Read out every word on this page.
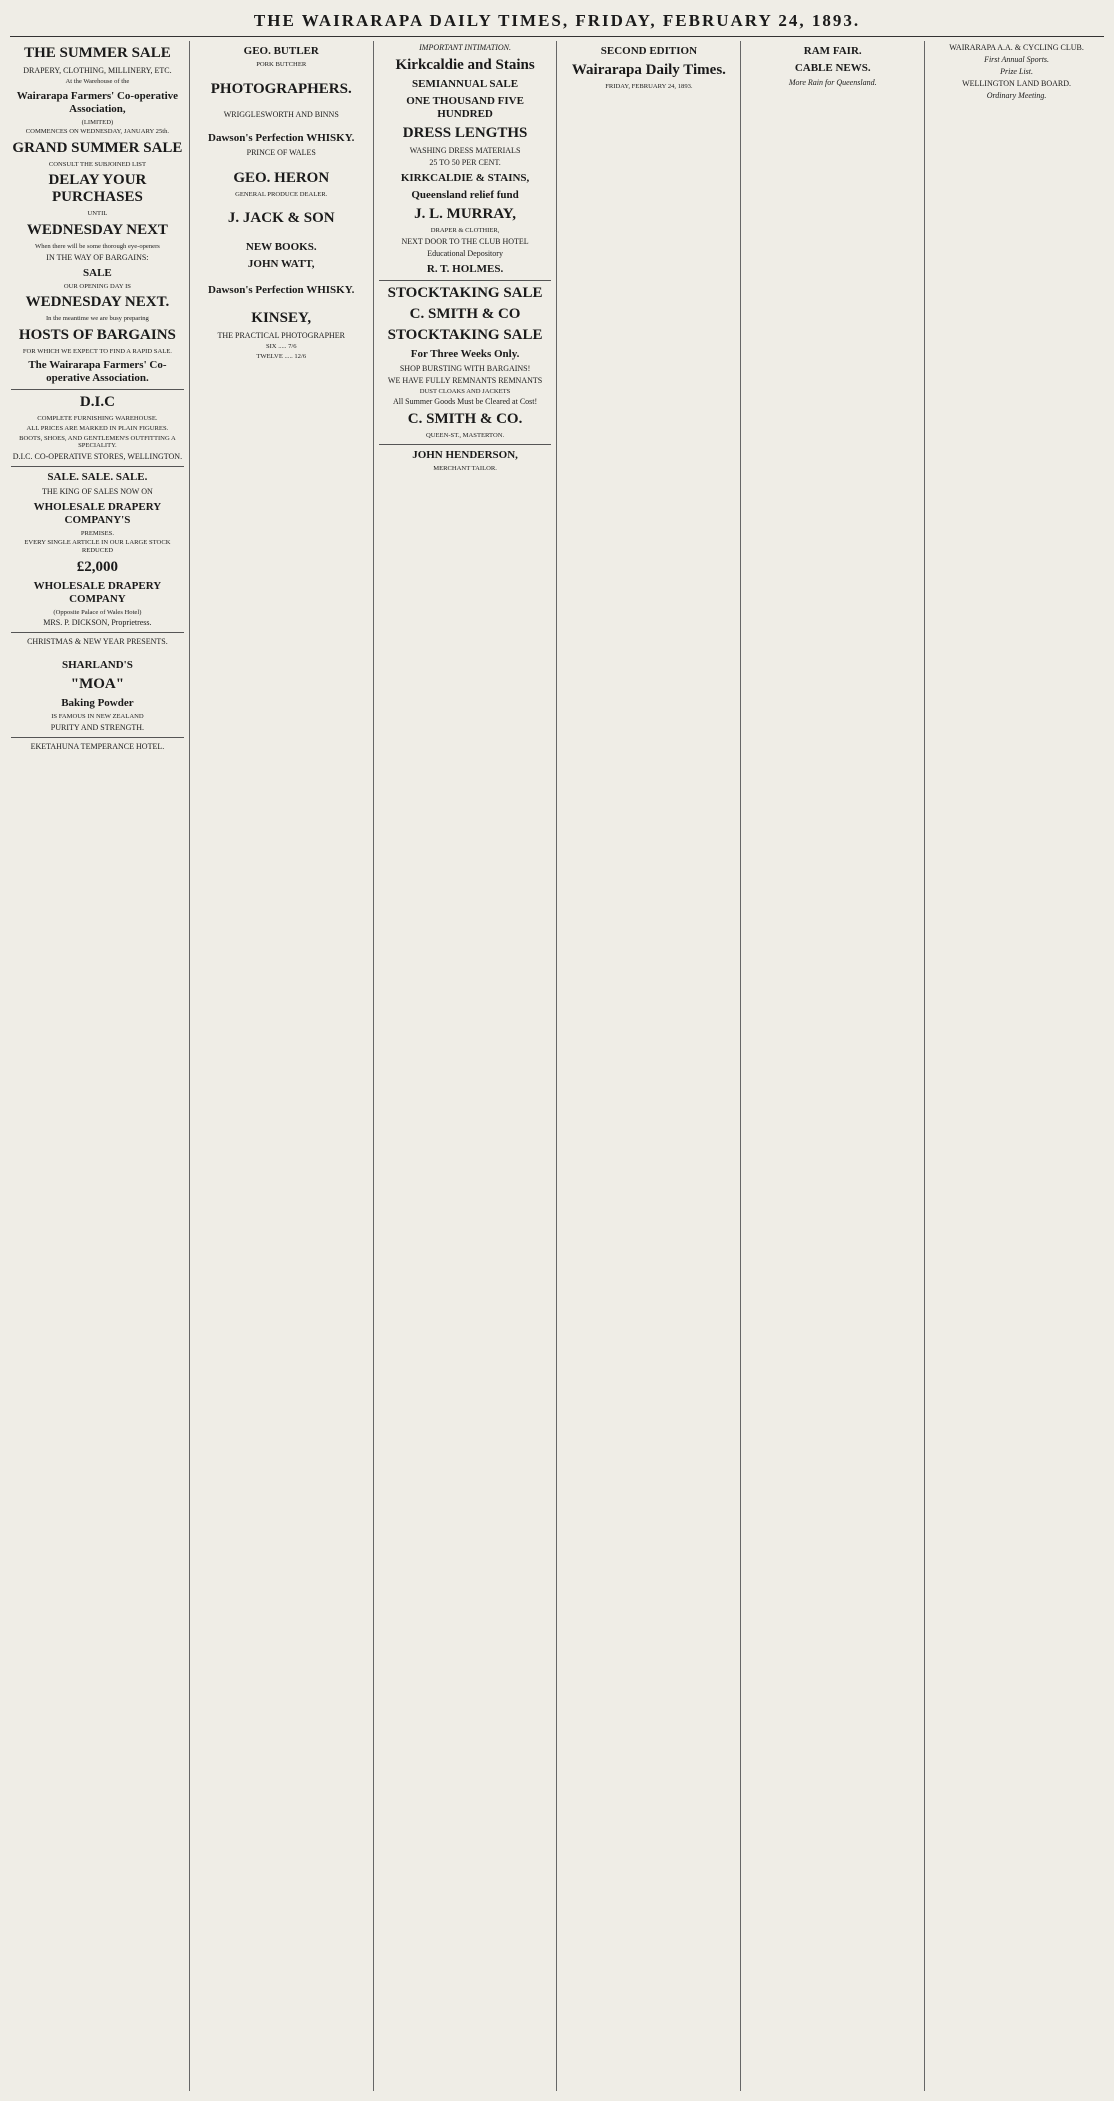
THE WAIRARAPA DAILY TIMES, FRIDAY, FEBRUARY 24, 1893.
THE SUMMER SALE
DRAPERY, CLOTHING, MILLINERY, ETC.
At the Warehouse of the
Wairarapa Farmers' Co-operative Association,
(LIMITED)
COMMENCES ON WEDNESDAY, JANUARY 25th.
GRAND SUMMER SALE
CONSULT THE SUBJOINED LIST
DELAY YOUR PURCHASES
UNTIL
WEDNESDAY NEXT
When there will be some thorough eye-openers
IN THE WAY OF BARGAINS:
SALE
OUR OPENING DAY IS
WEDNESDAY NEXT.
In the meantime we are busy preparing
HOSTS OF BARGAINS
FOR WHICH WE EXPECT TO FIND A RAPID SALE.
The Wairarapa Farmers' Co-operative Association.
D.I.C
COMPLETE FURNISHING WAREHOUSE.
ALL PRICES ARE MARKED IN PLAIN FIGURES.
BOOTS, SHOES, AND GENTLEMEN'S OUTFITTING A SPECIALITY.
D.I.C. CO-OPERATIVE STORES, WELLINGTON.
SALE. SALE. SALE.
THE KING OF SALES NOW ON
WHOLESALE DRAPERY COMPANY'S
PREMISES.
EVERY SINGLE ARTICLE IN OUR LARGE STOCK REDUCED
£2,000
WHOLESALE DRAPERY COMPANY
(Opposite Palace of Wales Hotel)
MRS. P. DICKSON, Proprietress.
CHRISTMAS & NEW YEAR PRESENTS.
SHARLAND'S
"MOA"
Baking Powder
IS FAMOUS IN NEW ZEALAND
PURITY AND STRENGTH.
EKETAHUNA TEMPERANCE HOTEL.
GEO. BUTLER
PORK BUTCHER
PHOTOGRAPHERS.
WRIGGLESWORTH AND BINNS
Dawson's Perfection WHISKY.
PRINCE OF WALES
GEO. HERON
GENERAL PRODUCE DEALER.
J. JACK & SON
NEW BOOKS.
JOHN WATT,
Dawson's Perfection WHISKY.
KINSEY,
THE PRACTICAL PHOTOGRAPHER
SIX ..... 7/6
TWELVE ..... 12/6
IMPORTANT INTIMATION.
Kirkcaldie and Stains
SEMIANNUAL SALE
ONE THOUSAND FIVE HUNDRED
DRESS LENGTHS
WASHING DRESS MATERIALS
25 TO 50 PER CENT.
KIRKCALDIE & STAINS,
Queensland relief fund
J. L. MURRAY,
DRAPER & CLOTHIER,
NEXT DOOR TO THE CLUB HOTEL
Educational Depository
R. T. HOLMES.
STOCKTAKING SALE
C. SMITH & CO
STOCKTAKING SALE
For Three Weeks Only.
SHOP BURSTING WITH BARGAINS!
WE HAVE FULLY REMNANTS REMNANTS
DUST CLOAKS AND JACKETS
All Summer Goods Must be Cleared at Cost!
C. SMITH & CO.
QUEEN-ST., MASTERTON.
JOHN HENDERSON,
MERCHANT TAILOR.
SECOND EDITION
Wairarapa Daily Times.
FRIDAY, FEBRUARY 24, 1893.
RAM FAIR.
CABLE NEWS.
More Rain for Queensland.
WAIRARAPA A.A. & CYCLING CLUB.
First Annual Sports.
Prize List.
WELLINGTON LAND BOARD.
Ordinary Meeting.
